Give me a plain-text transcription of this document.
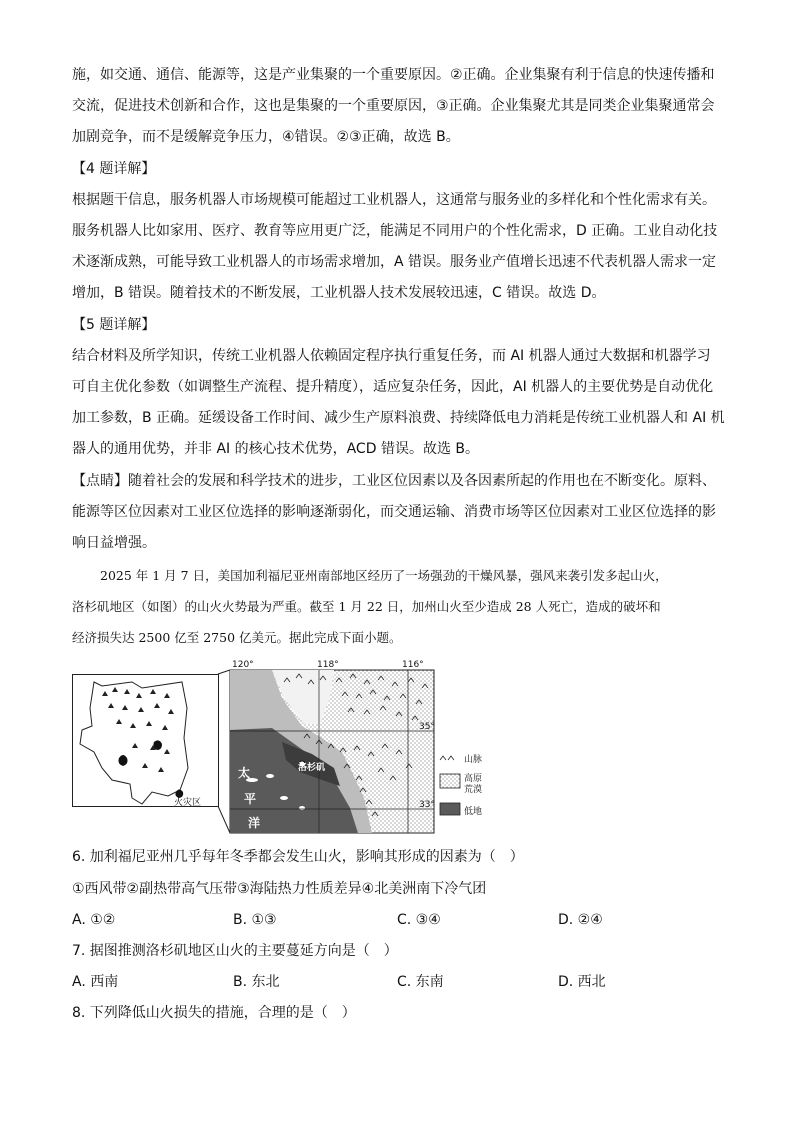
施，如交通、通信、能源等，这是产业集聚的一个重要原因。②正确。企业集聚有利于信息的快速传播和
交流，促进技术创新和合作，这也是集聚的一个重要原因，③正确。企业集聚尤其是同类企业集聚通常会
加剧竞争，而不是缓解竞争压力，④错误。②③正确，故选 B。
【4 题详解】
根据题干信息，服务机器人市场规模可能超过工业机器人，这通常与服务业的多样化和个性化需求有关。
服务机器人比如家用、医疗、教育等应用更广泛，能满足不同用户的个性化需求，D 正确。工业自动化技
术逐渐成熟，可能导致工业机器人的市场需求增加，A 错误。服务业产值增长迅速不代表机器人需求一定
增加，B 错误。随着技术的不断发展，工业机器人技术发展较迅速，C 错误。故选 D。
【5 题详解】
结合材料及所学知识，传统工业机器人依赖固定程序执行重复任务，而 AI 机器人通过大数据和机器学习
可自主优化参数（如调整生产流程、提升精度），适应复杂任务，因此，AI 机器人的主要优势是自动优化
加工参数，B 正确。延缓设备工作时间、减少生产原料浪费、持续降低电力消耗是传统工业机器人和 AI 机
器人的通用优势，并非 AI 的核心技术优势，ACD 错误。故选 B。
【点睛】随着社会的发展和科学技术的进步，工业区位因素以及各因素所起的作用也在不断变化。原料、
能源等区位因素对工业区位选择的影响逐渐弱化，而交通运输、消费市场等区位因素对工业区位选择的影
响日益增强。
2025 年 1 月 7 日，美国加利福尼亚州南部地区经历了一场强劲的干燥风暴，强风来袭引发多起山火，
洛杉矶地区（如图）的山火火势最为严重。截至 1 月 22 日，加州山火至少造成 28 人死亡，造成的破坏和
经济损失达 2500 亿至 2750 亿美元。据此完成下面小题。
火灾区
120°	118°	116°
35°
33°
洛杉矶
太
平
洋
山脉
高原
荒漠
低地
6. 加利福尼亚州几乎每年冬季都会发生山火，影响其形成的因素为（　）
①西风带②副热带高气压带③海陆热力性质差异④北美洲南下冷气团
A. ①②	B. ①③	C. ③④	D. ②④
7. 据图推测洛杉矶地区山火的主要蔓延方向是（　）
A. 西南	B. 东北	C. 东南	D. 西北
8. 下列降低山火损失的措施，合理的是（　）
